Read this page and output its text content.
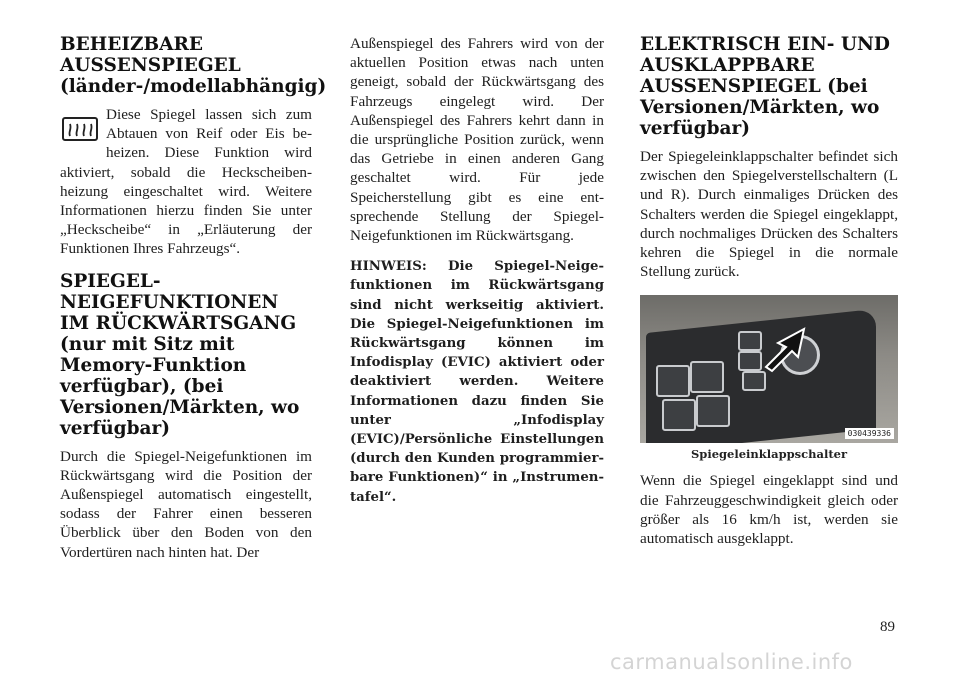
BEHEIZBARE AUSSENSPIEGEL (länder-/modellabhängig)

Diese Spiegel lassen sich zum Abtauen von Reif oder Eis beheizen. Diese Funktion wird aktiviert, sobald die Heckscheibenheizung eingeschaltet wird. Weitere Informationen hierzu finden Sie unter „Heckscheibe“ in „Erläuterung der Funktionen Ihres Fahrzeugs“.

SPIEGEL-NEIGEFUNKTIONEN IM RÜCKWÄRTSGANG (nur mit Sitz mit Memory-Funktion verfügbar), (bei Versionen/Märkten, wo verfügbar)

Durch die Spiegel-Neigefunktionen im Rückwärtsgang wird die Position der Außenspiegel automatisch eingestellt, sodass der Fahrer einen besseren Überblick über den Boden von den Vordertüren nach hinten hat. Der

Außenspiegel des Fahrers wird von der aktuellen Position etwas nach unten geneigt, sobald der Rückwärtsgang des Fahrzeugs eingelegt wird. Der Außenspiegel des Fahrers kehrt dann in die ursprüngliche Position zurück, wenn das Getriebe in einen anderen Gang geschaltet wird. Für jede Speicherstellung gibt es eine entsprechende Stellung der Spiegel-Neigefunktionen im Rückwärtsgang.

HINWEIS: Die Spiegel-Neigefunktionen im Rückwärtsgang sind nicht werkseitig aktiviert. Die Spiegel-Neigefunktionen im Rückwärtsgang können im Infodisplay (EVIC) aktiviert oder deaktiviert werden. Weitere Informationen dazu finden Sie unter „Infodisplay (EVIC)/Persönliche Einstellungen (durch den Kunden programmierbare Funktionen)“ in „Instrumentafel“.

ELEKTRISCH EIN- UND AUSKLAPPBARE AUSSENSPIEGEL (bei Versionen/Märkten, wo verfügbar)

Der Spiegeleinklappschalter befindet sich zwischen den Spiegelverstellschaltern (L und R). Durch einmaliges Drücken des Schalters werden die Spiegel eingeklappt, durch nochmaliges Drücken des Schalters kehren die Spiegel in die normale Stellung zurück.

030439336
Spiegeleinklappschalter

Wenn die Spiegel eingeklappt sind und die Fahrzeuggeschwindigkeit gleich oder größer als 16 km/h ist, werden sie automatisch ausgeklappt.

89
carmanualsonline.info
